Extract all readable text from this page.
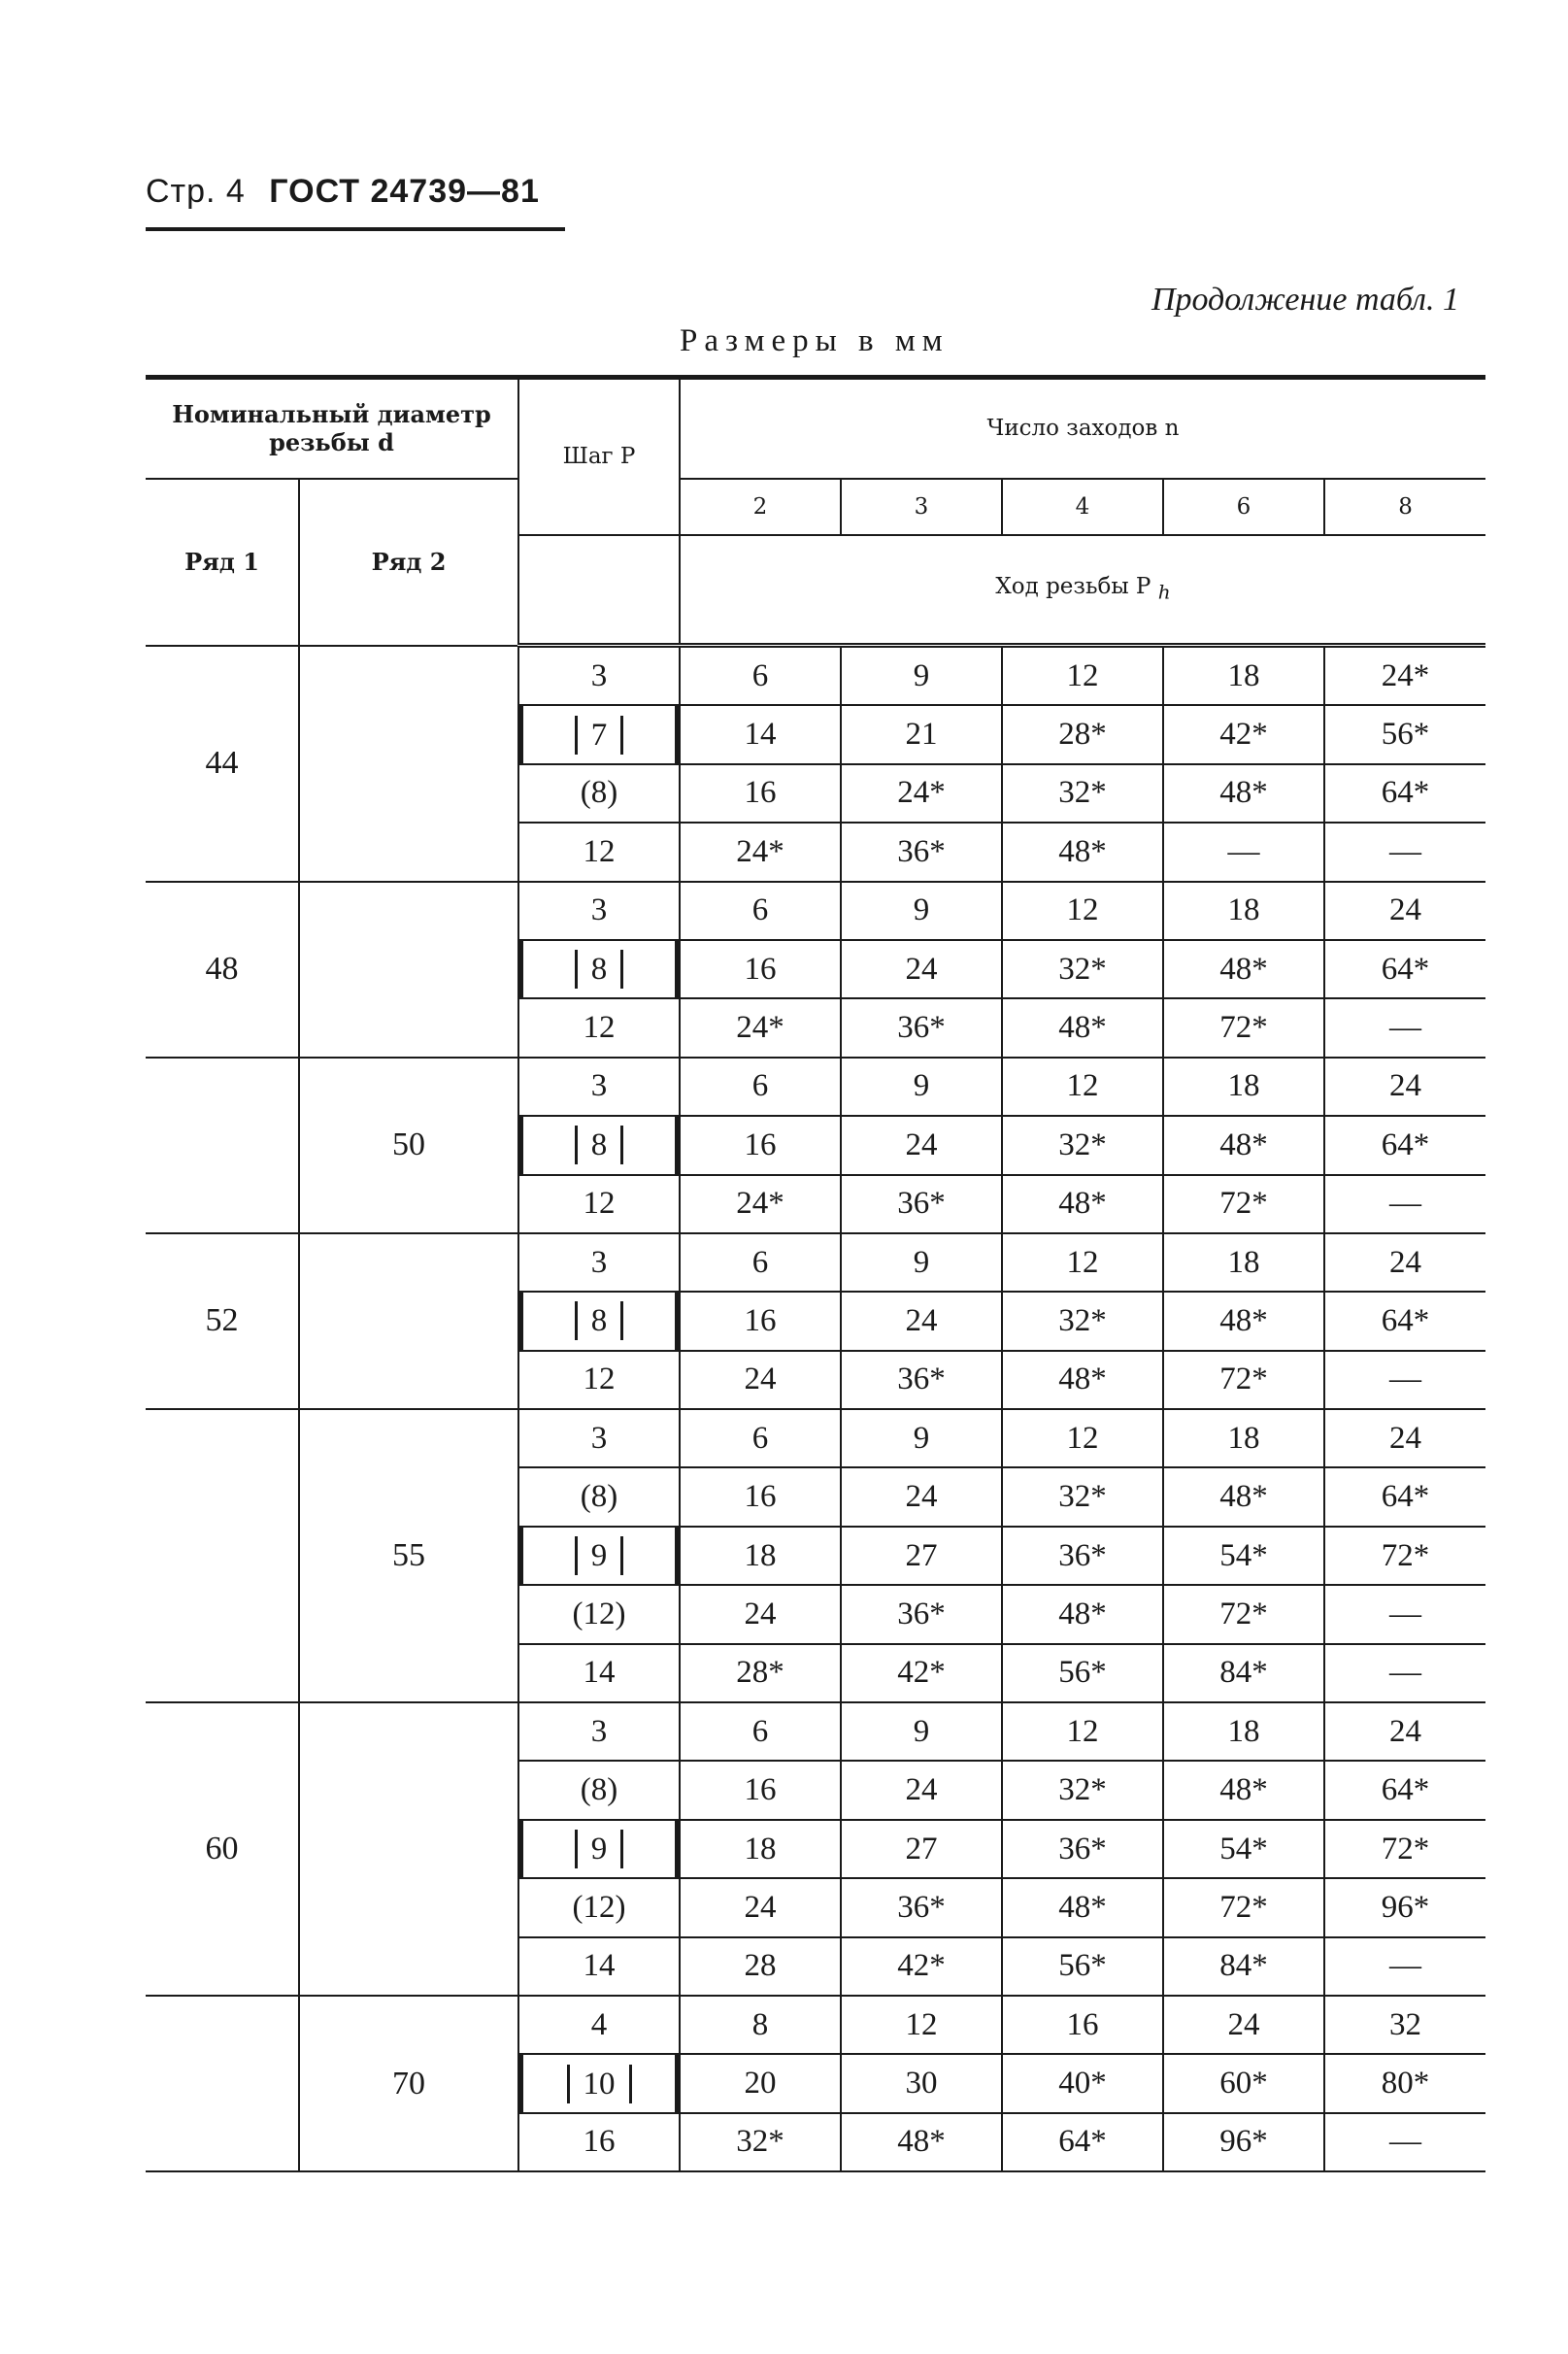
Стр. 4 ГОСТ 24739—81
Продолжение табл. 1
Размеры в мм
Номинальный диаметр резьбы d		Шаг P	Число заходов n				
Ряд 1	Ряд 2		2	3	4	6	8
			Ход резьбы P $_h$
44		3	6	9	12	18	24*
		7	14	21	28*	42*	56*
		(8)	16	24*	32*	48*	64*
		12	24*	36*	48*	—	—
48		3	6	9	12	18	24
		8	16	24	32*	48*	64*
		12	24*	36*	48*	72*	—
	50	3	6	9	12	18	24
		8	16	24	32*	48*	64*
		12	24*	36*	48*	72*	—
52		3	6	9	12	18	24
		8	16	24	32*	48*	64*
		12	24	36*	48*	72*	—
	55	3	6	9	12	18	24
		(8)	16	24	32*	48*	64*
		9	18	27	36*	54*	72*
		(12)	24	36*	48*	72*	—
		14	28*	42*	56*	84*	—
60		3	6	9	12	18	24
		(8)	16	24	32*	48*	64*
		9	18	27	36*	54*	72*
		(12)	24	36*	48*	72*	96*
		14	28	42*	56*	84*	—
	70	4	8	12	16	24	32
		10	20	30	40*	60*	80*
		16	32*	48*	64*	96*	—
